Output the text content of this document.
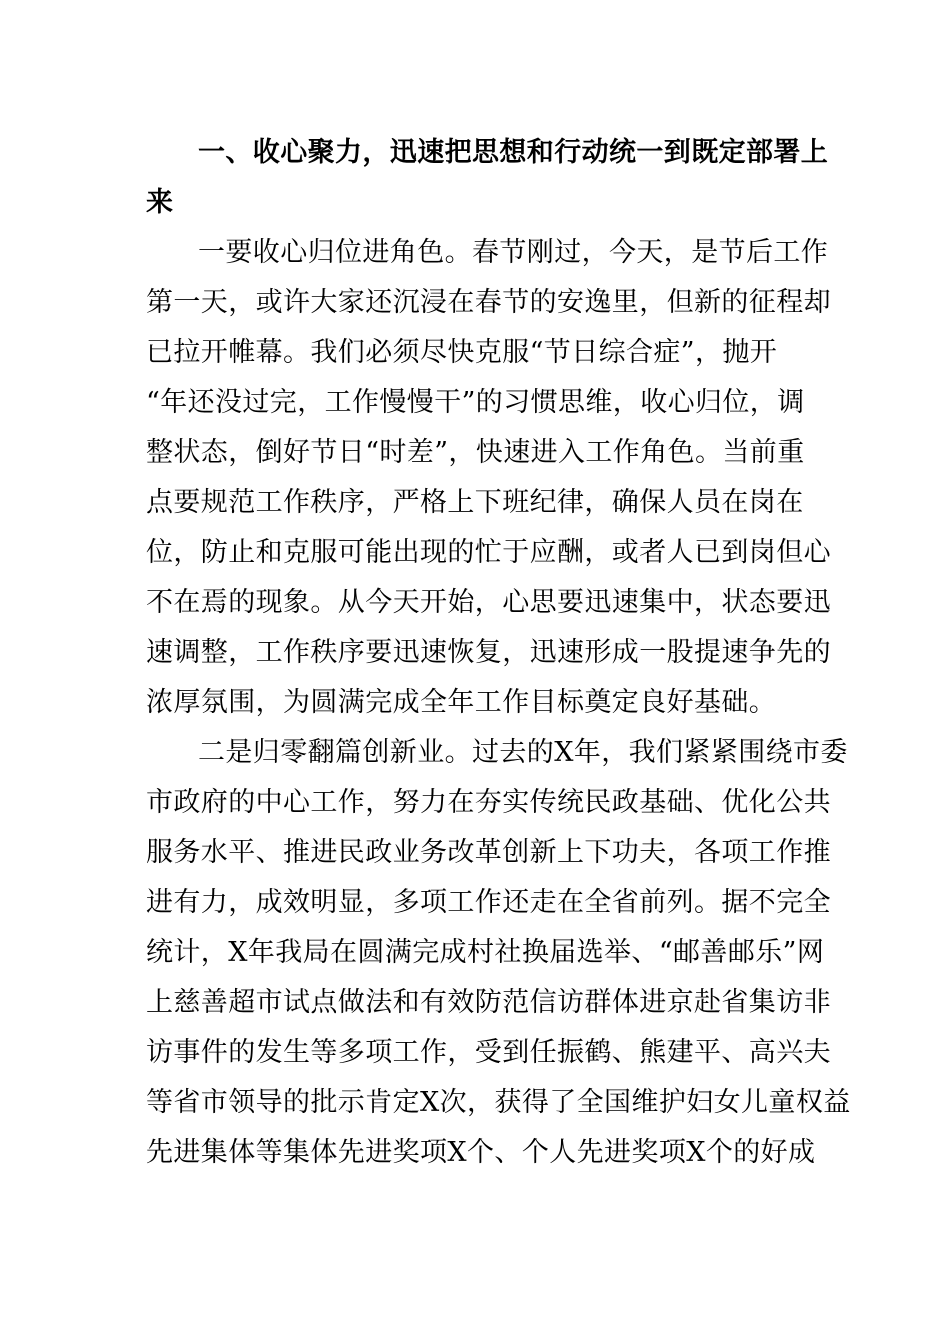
一、收心聚力，迅速把思想和行动统一到既定部署上
来
一要收心归位进角色。春节刚过，今天，是节后工作
第一天，或许大家还沉浸在春节的安逸里，但新的征程却
已拉开帷幕。我们必须尽快克服“节日综合症”，抛开
“年还没过完，工作慢慢干”的习惯思维，收心归位，调
整状态，倒好节日“时差”，快速进入工作角色。当前重
点要规范工作秩序，严格上下班纪律，确保人员在岗在
位，防止和克服可能出现的忙于应酬，或者人已到岗但心
不在焉的现象。从今天开始，心思要迅速集中，状态要迅
速调整，工作秩序要迅速恢复，迅速形成一股提速争先的
浓厚氛围，为圆满完成全年工作目标奠定良好基础。
二是归零翻篇创新业。过去的X年，我们紧紧围绕市委
市政府的中心工作，努力在夯实传统民政基础、优化公共
服务水平、推进民政业务改革创新上下功夫，各项工作推
进有力，成效明显，多项工作还走在全省前列。据不完全
统计，X年我局在圆满完成村社换届选举、“邮善邮乐”网
上慈善超市试点做法和有效防范信访群体进京赴省集访非
访事件的发生等多项工作，受到任振鹤、熊建平、高兴夫
等省市领导的批示肯定X次，获得了全国维护妇女儿童权益
先进集体等集体先进奖项X个、个人先进奖项X个的好成
